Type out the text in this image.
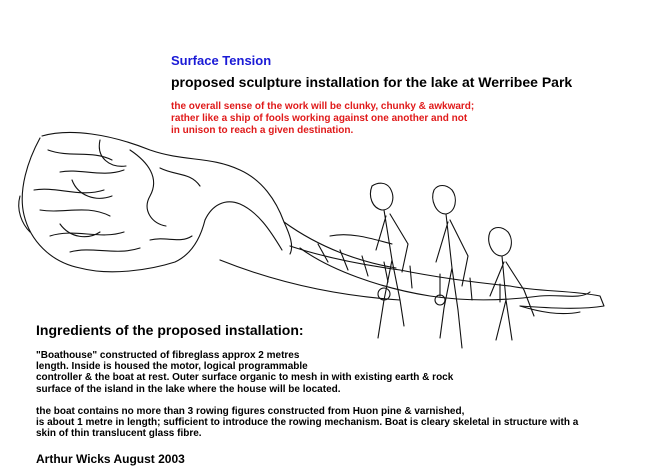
Surface Tension
proposed sculpture installation for the lake at Werribee Park
the overall sense of the work will be clunky, chunky & awkward;
rather like a ship of fools working against one another and not
in unison to reach a given destination.
Ingredients of the proposed installation:

"Boathouse" constructed of fibreglass approx 2 metres
length. Inside is housed the motor, logical programmable
controller & the boat at rest. Outer surface organic to mesh in with existing earth & rock
surface of the island in the lake where the house will be located.

the boat contains no more than 3 rowing figures constructed from Huon pine & varnished,
is about 1 metre in length; sufficient to introduce the rowing mechanism. Boat is cleary skeletal in structure with a
skin of thin translucent glass fibre.

Arthur Wicks August 2003
